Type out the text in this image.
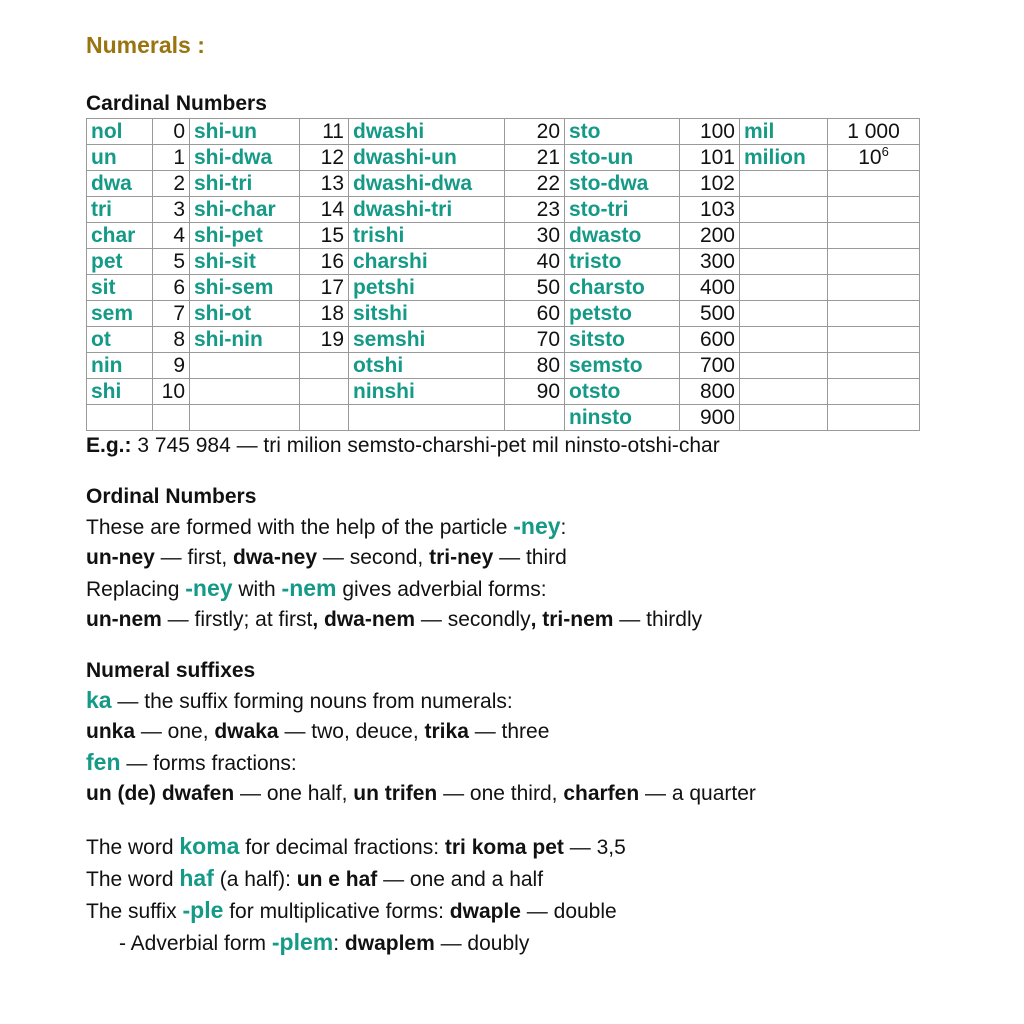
Numerals :
Cardinal Numbers
nol	0	shi-un	11	dwashi	20	sto	100	mil	1 000
un	1	shi-dwa	12	dwashi-un	21	sto-un	101	milion	$10^6$
dwa	2	shi-tri	13	dwashi-dwa	22	sto-dwa	102		
tri	3	shi-char	14	dwashi-tri	23	sto-tri	103		
char	4	shi-pet	15	trishi	30	dwasto	200		
pet	5	shi-sit	16	charshi	40	tristo	300		
sit	6	shi-sem	17	petshi	50	charsto	400		
sem	7	shi-ot	18	sitshi	60	petsto	500		
ot	8	shi-nin	19	semshi	70	sitsto	600		
nin	9			otshi	80	semsto	700		
shi	10			ninshi	90	otsto	800		
						ninsto	900		
E.g.: 3 745 984 — tri milion semsto-charshi-pet mil ninsto-otshi-char
Ordinal Numbers
These are formed with the help of the particle -ney:
un-ney — first, dwa-ney — second, tri-ney — third
Replacing -ney with -nem gives adverbial forms:
un-nem — firstly; at first, dwa-nem — secondly, tri-nem — thirdly
Numeral suffixes
ka — the suffix forming nouns from numerals:
unka — one, dwaka — two, deuce, trika — three
fen — forms fractions:
un (de) dwafen — one half, un trifen — one third, charfen — a quarter
The word koma for decimal fractions: tri koma pet — 3,5
The word haf (a half): un e haf — one and a half
The suffix -ple for multiplicative forms: dwaple — double
- Adverbial form -plem: dwaplem — doubly
